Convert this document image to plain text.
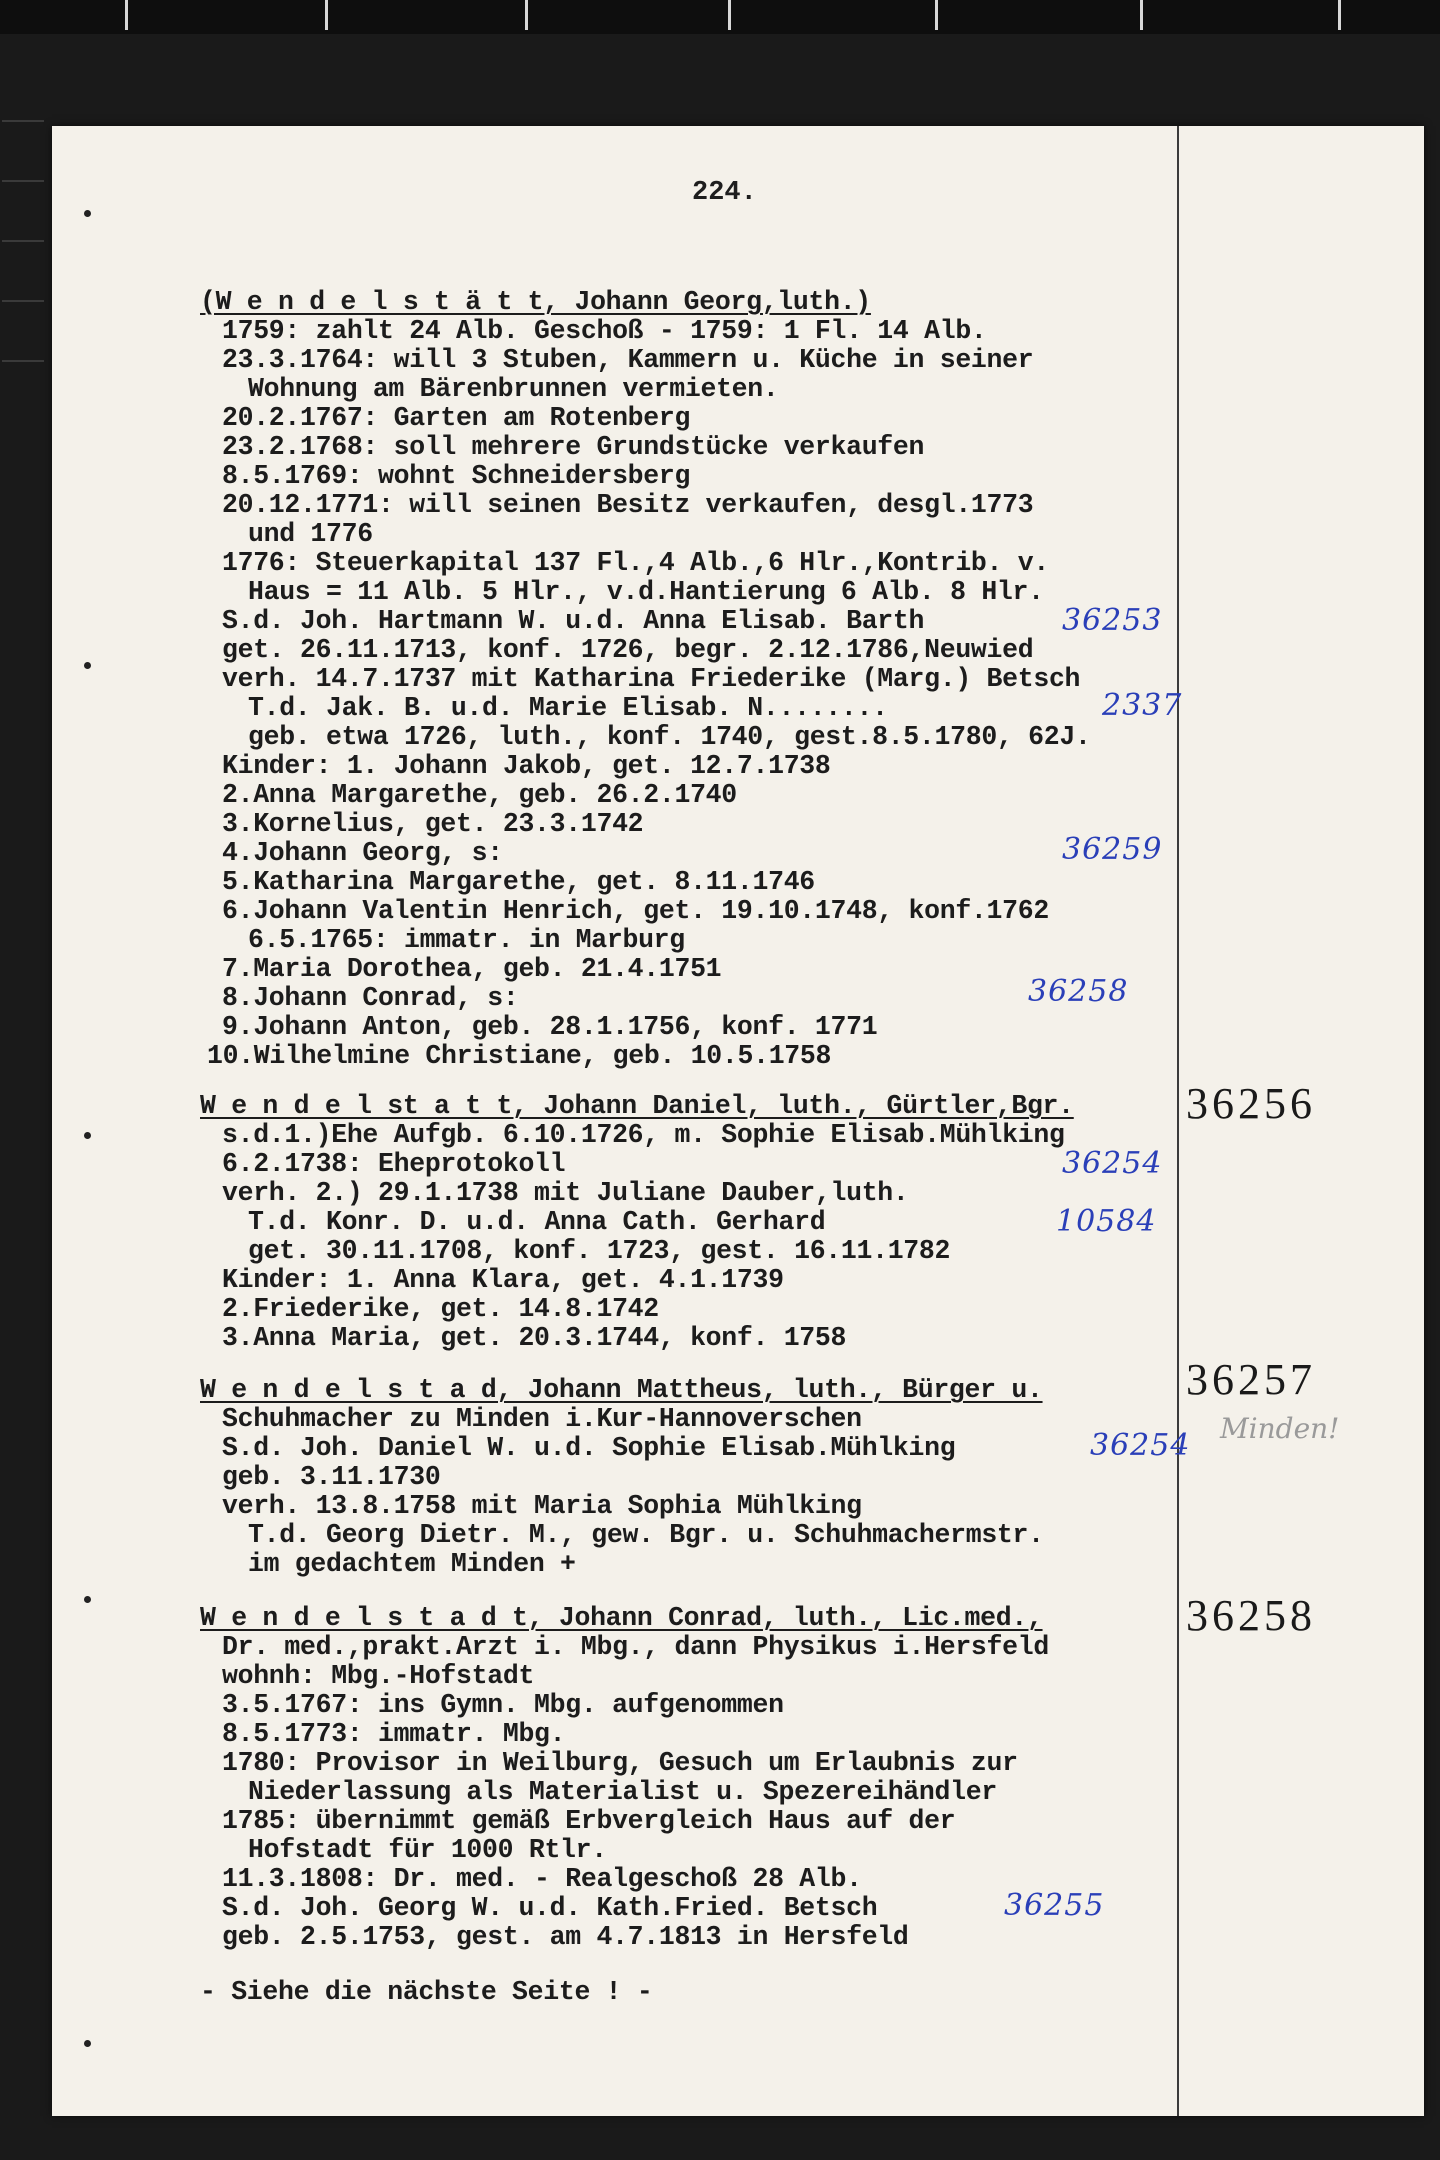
224.
(W e n d e l s t ä t t, Johann Georg,luth.)
1759: zahlt 24 Alb. Geschoß - 1759: 1 Fl. 14 Alb.
23.3.1764: will 3 Stuben, Kammern u. Küche in seiner
Wohnung am Bärenbrunnen vermieten.
20.2.1767: Garten am Rotenberg
23.2.1768: soll mehrere Grundstücke verkaufen
8.5.1769: wohnt Schneidersberg
20.12.1771: will seinen Besitz verkaufen, desgl.1773
und 1776
1776: Steuerkapital 137 Fl.,4 Alb.,6 Hlr.,Kontrib. v.
Haus = 11 Alb. 5 Hlr., v.d.Hantierung 6 Alb. 8 Hlr.
S.d. Joh. Hartmann W. u.d. Anna Elisab. Barth
get. 26.11.1713, konf. 1726, begr. 2.12.1786,Neuwied
verh. 14.7.1737 mit Katharina Friederike (Marg.) Betsch
T.d. Jak. B. u.d. Marie Elisab. N........
geb. etwa 1726, luth., konf. 1740, gest.8.5.1780, 62J.
Kinder: 1. Johann Jakob, get. 12.7.1738
2.Anna Margarethe, geb. 26.2.1740
3.Kornelius, get. 23.3.1742
4.Johann Georg, s:
5.Katharina Margarethe, get. 8.11.1746
6.Johann Valentin Henrich, get. 19.10.1748, konf.1762
6.5.1765: immatr. in Marburg
7.Maria Dorothea, geb. 21.4.1751
8.Johann Conrad, s:
9.Johann Anton, geb. 28.1.1756, konf. 1771
10.Wilhelmine Christiane, geb. 10.5.1758
36253
2337
36259
36258
W e n d e l st a t t, Johann Daniel, luth., Gürtler,Bgr.
s.d.1.)Ehe Aufgb. 6.10.1726, m. Sophie Elisab.Mühlking
6.2.1738: Eheprotokoll
verh. 2.) 29.1.1738 mit Juliane Dauber,luth.
T.d. Konr. D. u.d. Anna Cath. Gerhard
get. 30.11.1708, konf. 1723, gest. 16.11.1782
Kinder: 1. Anna Klara, get. 4.1.1739
2.Friederike, get. 14.8.1742
3.Anna Maria, get. 20.3.1744, konf. 1758
36256
36254
10584
W e n d e l s t a d, Johann Mattheus, luth., Bürger u.
Schuhmacher zu Minden i.Kur-Hannoverschen
S.d. Joh. Daniel W. u.d. Sophie Elisab.Mühlking
geb. 3.11.1730
verh. 13.8.1758 mit Maria Sophia Mühlking
T.d. Georg Dietr. M., gew. Bgr. u. Schuhmachermstr.
im gedachtem Minden +
36257
36254 Minden!
W e n d e l s t a d t, Johann Conrad, luth., Lic.med.,
Dr. med.,prakt.Arzt i. Mbg., dann Physikus i.Hersfeld
wohnh: Mbg.-Hofstadt
3.5.1767: ins Gymn. Mbg. aufgenommen
8.5.1773: immatr. Mbg.
1780: Provisor in Weilburg, Gesuch um Erlaubnis zur
Niederlassung als Materialist u. Spezereihändler
1785: übernimmt gemäß Erbvergleich Haus auf der
Hofstadt für 1000 Rtlr.
11.3.1808: Dr. med. - Realgeschoß 28 Alb.
S.d. Joh. Georg W. u.d. Kath.Fried. Betsch
geb. 2.5.1753, gest. am 4.7.1813 in Hersfeld
36258
36255
- Siehe die nächste Seite ! -
